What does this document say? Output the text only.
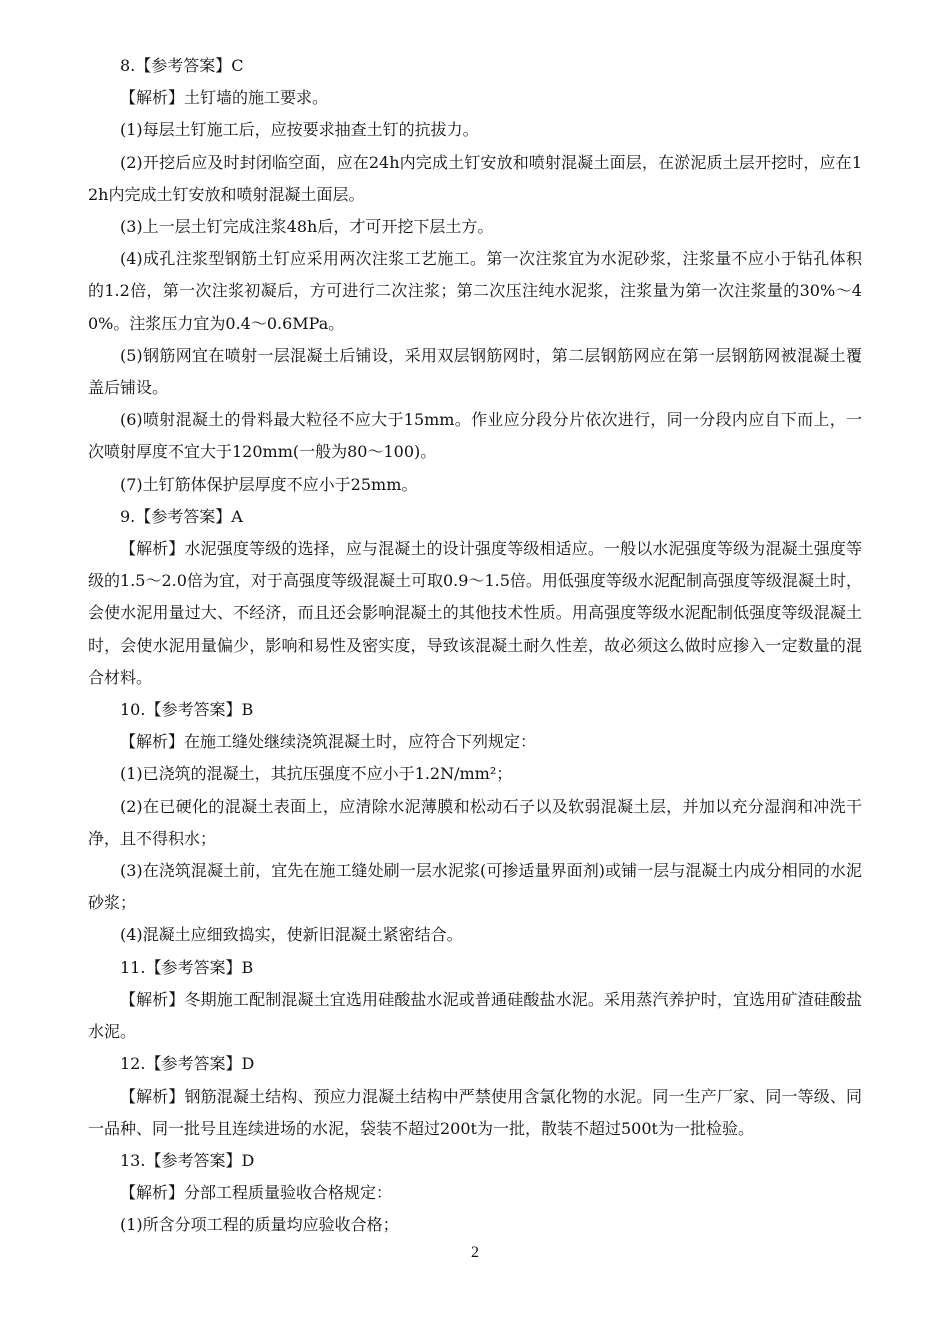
8.【参考答案】C

【解析】土钉墙的施工要求。

(1)每层土钉施工后，应按要求抽查土钉的抗拔力。

(2)开挖后应及时封闭临空面，应在24h内完成土钉安放和喷射混凝土面层，在淤泥质土层开挖时，应在12h内完成土钉安放和喷射混凝土面层。

(3)上一层土钉完成注浆48h后，才可开挖下层土方。

(4)成孔注浆型钢筋土钉应采用两次注浆工艺施工。第一次注浆宜为水泥砂浆，注浆量不应小于钻孔体积的1.2倍，第一次注浆初凝后，方可进行二次注浆；第二次压注纯水泥浆，注浆量为第一次注浆量的30%～40%。注浆压力宜为0.4～0.6MPa。

(5)钢筋网宜在喷射一层混凝土后铺设，采用双层钢筋网时，第二层钢筋网应在第一层钢筋网被混凝土覆盖后铺设。

(6)喷射混凝土的骨料最大粒径不应大于15mm。作业应分段分片依次进行，同一分段内应自下而上，一次喷射厚度不宜大于120mm(一般为80～100)。

(7)土钉筋体保护层厚度不应小于25mm。

9.【参考答案】A

【解析】水泥强度等级的选择，应与混凝土的设计强度等级相适应。一般以水泥强度等级为混凝土强度等级的1.5～2.0倍为宜，对于高强度等级混凝土可取0.9～1.5倍。用低强度等级水泥配制高强度等级混凝土时，会使水泥用量过大、不经济，而且还会影响混凝土的其他技术性质。用高强度等级水泥配制低强度等级混凝土时，会使水泥用量偏少，影响和易性及密实度，导致该混凝土耐久性差，故必须这么做时应掺入一定数量的混合材料。

10.【参考答案】B

【解析】在施工缝处继续浇筑混凝土时，应符合下列规定：

(1)已浇筑的混凝土，其抗压强度不应小于1.2N/mm²；

(2)在已硬化的混凝土表面上，应清除水泥薄膜和松动石子以及软弱混凝土层，并加以充分湿润和冲洗干净，且不得积水；

(3)在浇筑混凝土前，宜先在施工缝处刷一层水泥浆(可掺适量界面剂)或铺一层与混凝土内成分相同的水泥砂浆；

(4)混凝土应细致捣实，使新旧混凝土紧密结合。

11.【参考答案】B

【解析】冬期施工配制混凝土宜选用硅酸盐水泥或普通硅酸盐水泥。采用蒸汽养护时，宜选用矿渣硅酸盐水泥。

12.【参考答案】D

【解析】钢筋混凝土结构、预应力混凝土结构中严禁使用含氯化物的水泥。同一生产厂家、同一等级、同一品种、同一批号且连续进场的水泥，袋装不超过200t为一批，散装不超过500t为一批检验。

13.【参考答案】D

【解析】分部工程质量验收合格规定：

(1)所含分项工程的质量均应验收合格；

2
